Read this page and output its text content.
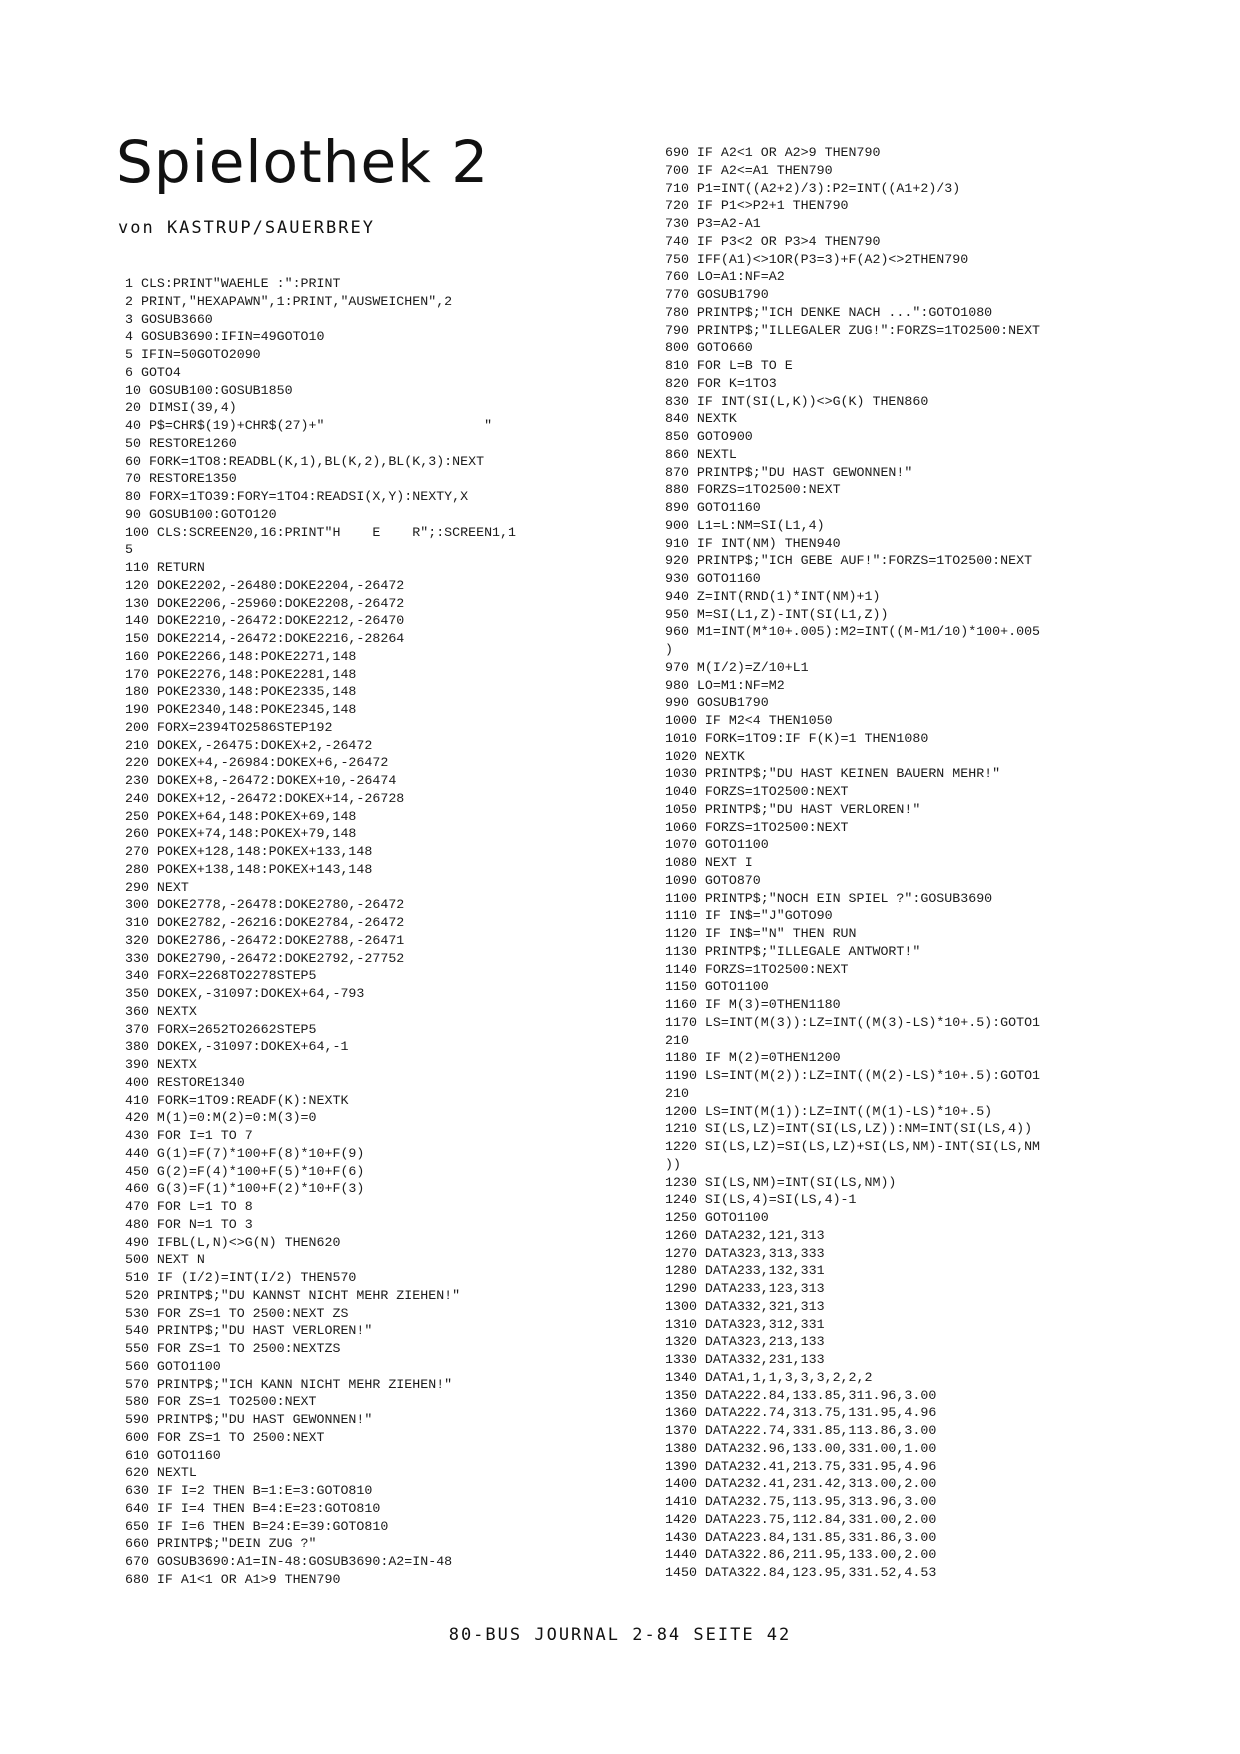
Spielothek 2
von KASTRUP/SAUERBREY
1 CLS:PRINT"WAEHLE :":PRINT
2 PRINT,"HEXAPAWN",1:PRINT,"AUSWEICHEN",2
3 GOSUB3660
4 GOSUB3690:IFIN=49GOTO10
5 IFIN=50GOTO2090
6 GOTO4
10 GOSUB100:GOSUB1850
20 DIMSI(39,4)
40 P$=CHR$(19)+CHR$(27)+"                    "
50 RESTORE1260
60 FORK=1TO8:READBL(K,1),BL(K,2),BL(K,3):NEXT
70 RESTORE1350
80 FORX=1TO39:FORY=1TO4:READSI(X,Y):NEXTY,X
90 GOSUB100:GOTO120
100 CLS:SCREEN20,16:PRINT"H    E    R";:SCREEN1,1
5
110 RETURN
120 DOKE2202,-26480:DOKE2204,-26472
130 DOKE2206,-25960:DOKE2208,-26472
140 DOKE2210,-26472:DOKE2212,-26470
150 DOKE2214,-26472:DOKE2216,-28264
160 POKE2266,148:POKE2271,148
170 POKE2276,148:POKE2281,148
180 POKE2330,148:POKE2335,148
190 POKE2340,148:POKE2345,148
200 FORX=2394TO2586STEP192
210 DOKEX,-26475:DOKEX+2,-26472
220 DOKEX+4,-26984:DOKEX+6,-26472
230 DOKEX+8,-26472:DOKEX+10,-26474
240 DOKEX+12,-26472:DOKEX+14,-26728
250 POKEX+64,148:POKEX+69,148
260 POKEX+74,148:POKEX+79,148
270 POKEX+128,148:POKEX+133,148
280 POKEX+138,148:POKEX+143,148
290 NEXT
300 DOKE2778,-26478:DOKE2780,-26472
310 DOKE2782,-26216:DOKE2784,-26472
320 DOKE2786,-26472:DOKE2788,-26471
330 DOKE2790,-26472:DOKE2792,-27752
340 FORX=2268TO2278STEP5
350 DOKEX,-31097:DOKEX+64,-793
360 NEXTX
370 FORX=2652TO2662STEP5
380 DOKEX,-31097:DOKEX+64,-1
390 NEXTX
400 RESTORE1340
410 FORK=1TO9:READF(K):NEXTK
420 M(1)=0:M(2)=0:M(3)=0
430 FOR I=1 TO 7
440 G(1)=F(7)*100+F(8)*10+F(9)
450 G(2)=F(4)*100+F(5)*10+F(6)
460 G(3)=F(1)*100+F(2)*10+F(3)
470 FOR L=1 TO 8
480 FOR N=1 TO 3
490 IFBL(L,N)<>G(N) THEN620
500 NEXT N
510 IF (I/2)=INT(I/2) THEN570
520 PRINTP$;"DU KANNST NICHT MEHR ZIEHEN!"
530 FOR ZS=1 TO 2500:NEXT ZS
540 PRINTP$;"DU HAST VERLOREN!"
550 FOR ZS=1 TO 2500:NEXTZS
560 GOTO1100
570 PRINTP$;"ICH KANN NICHT MEHR ZIEHEN!"
580 FOR ZS=1 TO2500:NEXT
590 PRINTP$;"DU HAST GEWONNEN!"
600 FOR ZS=1 TO 2500:NEXT
610 GOTO1160
620 NEXTL
630 IF I=2 THEN B=1:E=3:GOTO810
640 IF I=4 THEN B=4:E=23:GOTO810
650 IF I=6 THEN B=24:E=39:GOTO810
660 PRINTP$;"DEIN ZUG ?"
670 GOSUB3690:A1=IN-48:GOSUB3690:A2=IN-48
680 IF A1<1 OR A1>9 THEN790
690 IF A2<1 OR A2>9 THEN790
700 IF A2<=A1 THEN790
710 P1=INT((A2+2)/3):P2=INT((A1+2)/3)
720 IF P1<>P2+1 THEN790
730 P3=A2-A1
740 IF P3<2 OR P3>4 THEN790
750 IFF(A1)<>1OR(P3=3)+F(A2)<>2THEN790
760 LO=A1:NF=A2
770 GOSUB1790
780 PRINTP$;"ICH DENKE NACH ...":GOTO1080
790 PRINTP$;"ILLEGALER ZUG!":FORZS=1TO2500:NEXT
800 GOTO660
810 FOR L=B TO E
820 FOR K=1TO3
830 IF INT(SI(L,K))<>G(K) THEN860
840 NEXTK
850 GOTO900
860 NEXTL
870 PRINTP$;"DU HAST GEWONNEN!"
880 FORZS=1TO2500:NEXT
890 GOTO1160
900 L1=L:NM=SI(L1,4)
910 IF INT(NM) THEN940
920 PRINTP$;"ICH GEBE AUF!":FORZS=1TO2500:NEXT
930 GOTO1160
940 Z=INT(RND(1)*INT(NM)+1)
950 M=SI(L1,Z)-INT(SI(L1,Z))
960 M1=INT(M*10+.005):M2=INT((M-M1/10)*100+.005
)
970 M(I/2)=Z/10+L1
980 LO=M1:NF=M2
990 GOSUB1790
1000 IF M2<4 THEN1050
1010 FORK=1TO9:IF F(K)=1 THEN1080
1020 NEXTK
1030 PRINTP$;"DU HAST KEINEN BAUERN MEHR!"
1040 FORZS=1TO2500:NEXT
1050 PRINTP$;"DU HAST VERLOREN!"
1060 FORZS=1TO2500:NEXT
1070 GOTO1100
1080 NEXT I
1090 GOTO870
1100 PRINTP$;"NOCH EIN SPIEL ?":GOSUB3690
1110 IF IN$="J"GOTO90
1120 IF IN$="N" THEN RUN
1130 PRINTP$;"ILLEGALE ANTWORT!"
1140 FORZS=1TO2500:NEXT
1150 GOTO1100
1160 IF M(3)=0THEN1180
1170 LS=INT(M(3)):LZ=INT((M(3)-LS)*10+.5):GOTO1
210
1180 IF M(2)=0THEN1200
1190 LS=INT(M(2)):LZ=INT((M(2)-LS)*10+.5):GOTO1
210
1200 LS=INT(M(1)):LZ=INT((M(1)-LS)*10+.5)
1210 SI(LS,LZ)=INT(SI(LS,LZ)):NM=INT(SI(LS,4))
1220 SI(LS,LZ)=SI(LS,LZ)+SI(LS,NM)-INT(SI(LS,NM
))
1230 SI(LS,NM)=INT(SI(LS,NM))
1240 SI(LS,4)=SI(LS,4)-1
1250 GOTO1100
1260 DATA232,121,313
1270 DATA323,313,333
1280 DATA233,132,331
1290 DATA233,123,313
1300 DATA332,321,313
1310 DATA323,312,331
1320 DATA323,213,133
1330 DATA332,231,133
1340 DATA1,1,1,3,3,3,2,2,2
1350 DATA222.84,133.85,311.96,3.00
1360 DATA222.74,313.75,131.95,4.96
1370 DATA222.74,331.85,113.86,3.00
1380 DATA232.96,133.00,331.00,1.00
1390 DATA232.41,213.75,331.95,4.96
1400 DATA232.41,231.42,313.00,2.00
1410 DATA232.75,113.95,313.96,3.00
1420 DATA223.75,112.84,331.00,2.00
1430 DATA223.84,131.85,331.86,3.00
1440 DATA322.86,211.95,133.00,2.00
1450 DATA322.84,123.95,331.52,4.53
80-BUS JOURNAL 2-84 SEITE 42
